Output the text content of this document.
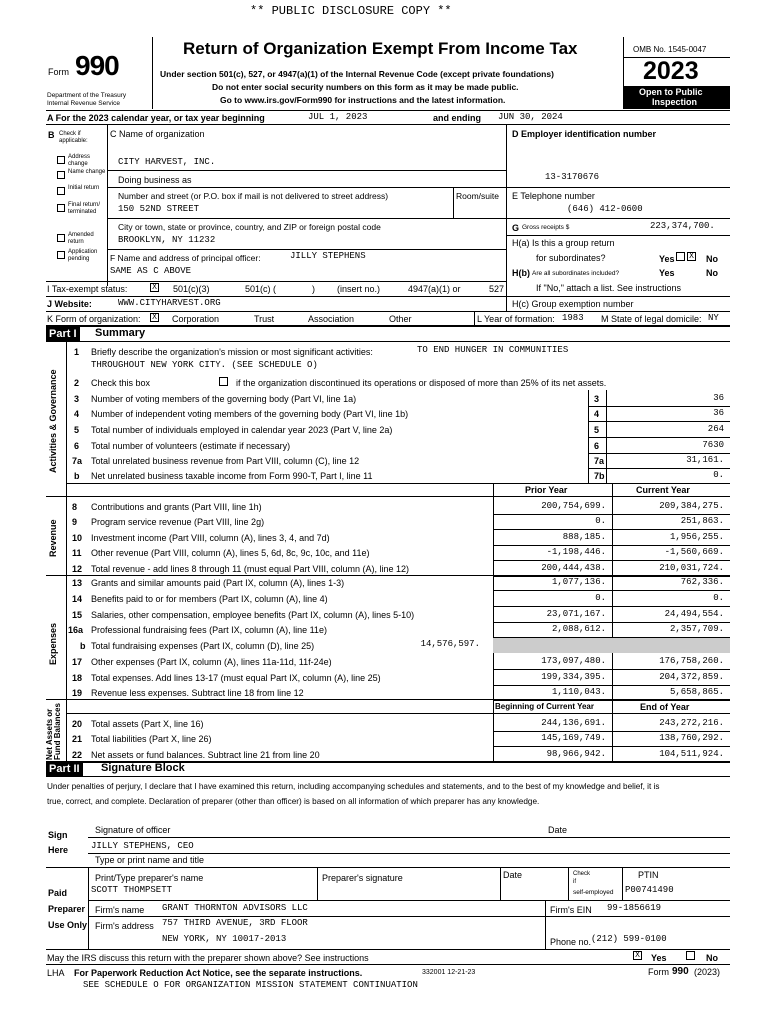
** PUBLIC DISCLOSURE COPY **
Form 990
Department of the Treasury
Internal Revenue Service
Return of Organization Exempt From Income Tax
Under section 501(c), 527, or 4947(a)(1) of the Internal Revenue Code (except private foundations)
Do not enter social security numbers on this form as it may be made public.
Go to www.irs.gov/Form990 for instructions and the latest information.
OMB No. 1545-0047
2023
Open to Public
Inspection
A For the 2023 calendar year, or tax year beginning	JUL 1, 2023	and ending JUN 30, 2024
B Check if applicable:
Address change
Name change
Initial return
Final return/ terminated
Amended return
Application pending
C Name of organization
CITY HARVEST, INC.
Doing business as
Number and street (or P.O. box if mail is not delivered to street address)	Room/suite
150 52ND STREET
City or town, state or province, country, and ZIP or foreign postal code
BROOKLYN, NY 11232
F Name and address of principal officer:	JILLY STEPHENS
SAME AS C ABOVE
D Employer identification number
13-3170676
E Telephone number
(646) 412-0600
G Gross receipts $	223,374,700.
H(a) Is this a group return
for subordinates?	Yes X No
H(b) Are all subordinates included?	Yes	No
If "No," attach a list. See instructions
I Tax-exempt status:	X 501(c)(3)	501(c) (	) (insert no.)	4947(a)(1) or	527
J Website:	WWW.CITYHARVEST.ORG	H(c) Group exemption number
K Form of organization: X Corporation	Trust	Association	Other	L Year of formation: 1983 M State of legal domicile: NY
Part I Summary
1 Briefly describe the organization's mission or most significant activities:	TO END HUNGER IN COMMUNITIES
THROUGHOUT NEW YORK CITY. (SEE SCHEDULE O)
2 Check this box	if the organization discontinued its operations or disposed of more than 25% of its net assets.
Activities & Governance 3 Number of voting members of the governing body (Part VI, line 1a)	3	36
4 Number of independent voting members of the governing body (Part VI, line 1b)	4	36
5 Total number of individuals employed in calendar year 2023 (Part V, line 2a)	5	264
6 Total number of volunteers (estimate if necessary)	6	7630
7a Total unrelated business revenue from Part VIII, column (C), line 12	7a	31,161.
b Net unrelated business taxable income from Form 990-T, Part I, line 11	7b	0.
Prior Year	Current Year
Revenue
8 Contributions and grants (Part VIII, line 1h)	200,754,699.	209,384,275.
9 Program service revenue (Part VIII, line 2g)	0.	251,863.
10 Investment income (Part VIII, column (A), lines 3, 4, and 7d)	888,185.	1,956,255.
11 Other revenue (Part VIII, column (A), lines 5, 6d, 8c, 9c, 10c, and 11e)	-1,198,446.	-1,560,669.
12 Total revenue - add lines 8 through 11 (must equal Part VIII, column (A), line 12)	200,444,438.	210,031,724.
Expenses
13 Grants and similar amounts paid (Part IX, column (A), lines 1-3)	1,077,136.	762,336.
14 Benefits paid to or for members (Part IX, column (A), line 4)	0.	0.
15 Salaries, other compensation, employee benefits (Part IX, column (A), lines 5-10)	23,071,167.	24,494,554.
16a Professional fundraising fees (Part IX, column (A), line 11e)	2,088,612.	2,357,709.
b Total fundraising expenses (Part IX, column (D), line 25)	14,576,597.
17 Other expenses (Part IX, column (A), lines 11a-11d, 11f-24e)	173,097,480.	176,758,260.
18 Total expenses. Add lines 13-17 (must equal Part IX, column (A), line 25)	199,334,395.	204,372,859.
19 Revenue less expenses. Subtract line 18 from line 12	1,110,043.	5,658,865.
Beginning of Current Year	End of Year
Net Assets or Fund Balances 20 Total assets (Part X, line 16)	244,136,691.	243,272,216.
21 Total liabilities (Part X, line 26)	145,169,749.	138,760,292.
22 Net assets or fund balances. Subtract line 21 from line 20	98,966,942.	104,511,924.
Part II Signature Block
Under penalties of perjury, I declare that I have examined this return, including accompanying schedules and statements, and to the best of my knowledge and belief, it is
true, correct, and complete. Declaration of preparer (other than officer) is based on all information of which preparer has any knowledge.
Signature of officer	Date
Sign
Here	JILLY STEPHENS, CEO
Type or print name and title
Paid
Preparer
Use Only
Print/Type preparer's name
SCOTT THOMPSETT
Preparer's signature	Date	Check
if
self-employed
PTIN
P00741490
Firm's name GRANT THORNTON ADVISORS LLC	Firm's EIN 99-1856619
Firm's address 757 THIRD AVENUE, 3RD FLOOR
NEW YORK, NY 10017-2013	Phone no. (212) 599-0100
May the IRS discuss this return with the preparer shown above? See instructions	X Yes	No
LHA For Paperwork Reduction Act Notice, see the separate instructions.	332001 12-21-23	Form 990 (2023)
SEE SCHEDULE O FOR ORGANIZATION MISSION STATEMENT CONTINUATION
